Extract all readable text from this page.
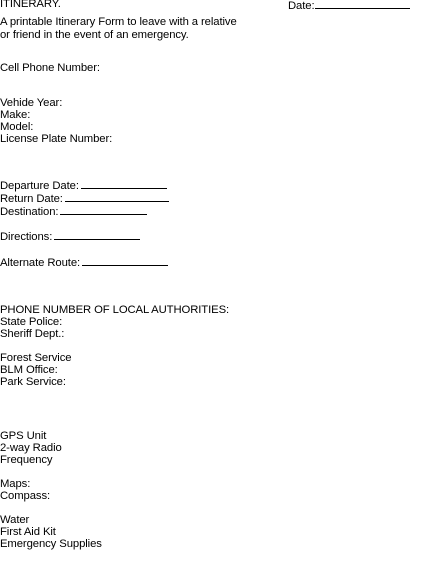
ITINERARY.	Date:
A printable Itinerary Form to leave with a relative
or friend in the event of an emergency.
Cell Phone Number:
Vehide Year:
Make:
Model:
License Plate Number:
Departure Date:
Return Date:
Destination:
Directions:
Alternate Route:
PHONE NUMBER OF LOCAL AUTHORITIES:
State Police:
Sheriff Dept.:
Forest Service
BLM Office:
Park Service:
GPS Unit
2-way Radio
Frequency
Maps:
Compass:
Water
First Aid Kit
Emergency Supplies
